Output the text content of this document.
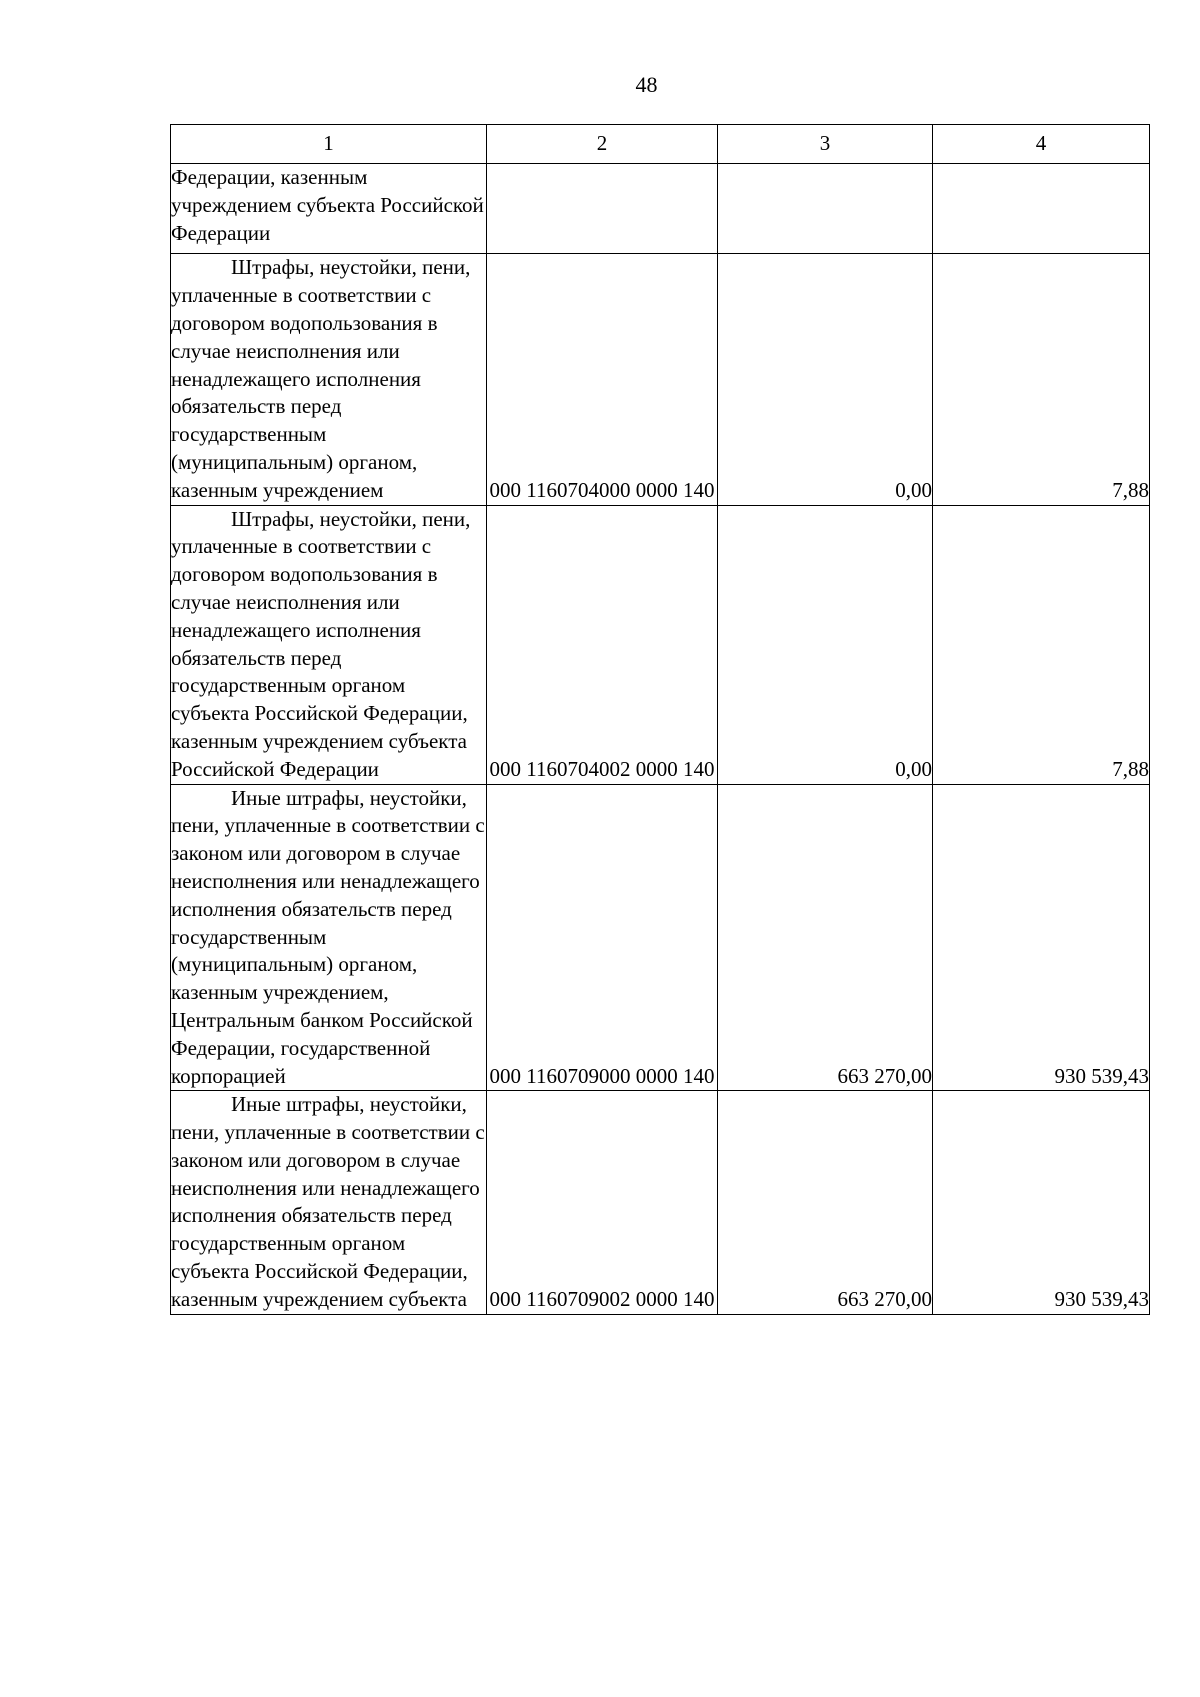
48
1	2	3	4
Федерации, казенным учреждением субъекта Российской Федерации			

Штрафы, неустойки, пени, уплаченные в соответствии с договором водопользования в случае неисполнения или ненадлежащего исполнения обязательств перед государственным (муниципальным) органом, казенным учреждением	000 1160704000 0000 140	0,00	7,88

Штрафы, неустойки, пени, уплаченные в соответствии с договором водопользования в случае неисполнения или ненадлежащего исполнения обязательств перед государственным органом субъекта Российской Федерации, казенным учреждением субъекта Российской Федерации	000 1160704002 0000 140	0,00	7,88

Иные штрафы, неустойки, пени, уплаченные в соответствии с законом или договором в случае неисполнения или ненадлежащего исполнения обязательств перед государственным (муниципальным) органом, казенным учреждением, Центральным банком Российской Федерации, государственной корпорацией	000 1160709000 0000 140	663 270,00	930 539,43

Иные штрафы, неустойки, пени, уплаченные в соответствии с законом или договором в случае неисполнения или ненадлежащего исполнения обязательств перед государственным органом субъекта Российской Федерации, казенным учреждением субъекта	000 1160709002 0000 140	663 270,00	930 539,43
